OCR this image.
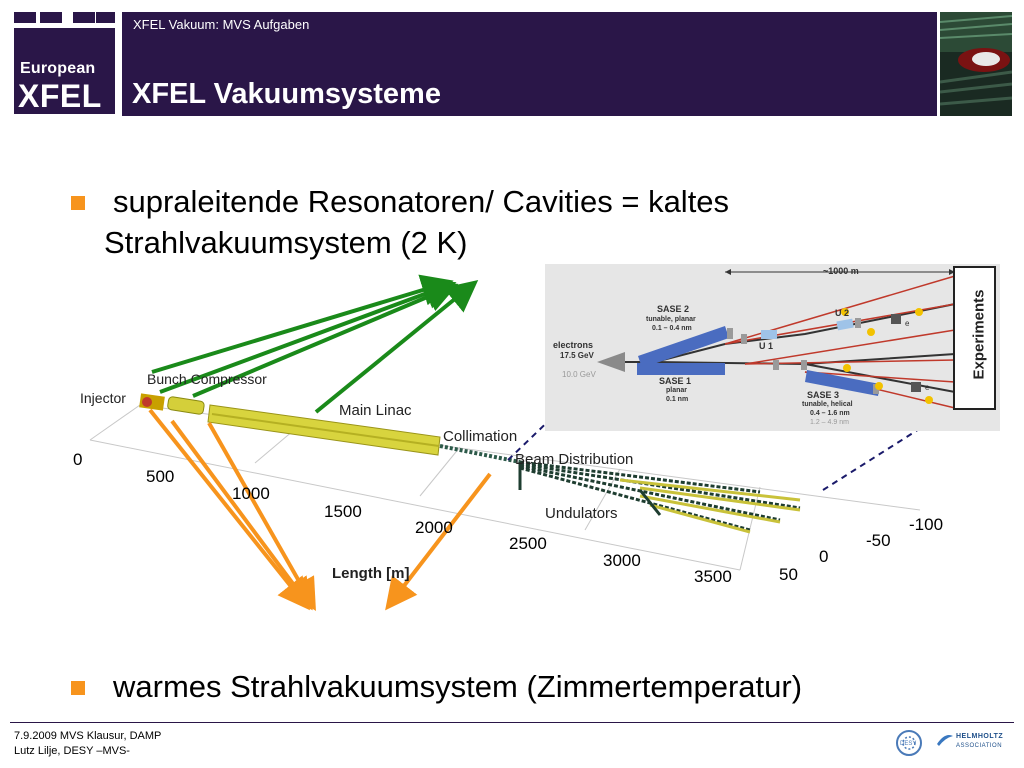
European
XFEL
XFEL Vakuum: MVS Aufgaben
XFEL Vakuumsysteme
supraleitende Resonatoren/ Cavities = kaltes
Strahlvakuumsystem (2 K)
Injector
Bunch Compressor
Main Linac
Collimation
Beam Distribution
Undulators
Length [m]
0
500
1000
1500
2000
2500
3000
3500
-100
-50
0
50
~1000 m
electrons
17.5 GeV
10.0 GeV
SASE 2
tunable, planar
0.1 – 0.4 nm
SASE 1
planar
0.1 nm	SASE 3
tunable, helical
0.4 – 1.6 nm
1.2 – 4.9 nm
U 1
U 2
e
e
Experiments
warmes Strahlvakuumsystem (Zimmertemperatur)
7.9.2009 MVS Klausur, DAMP
Lutz Lilje, DESY –MVS-
DESY
HELMHOLTZ
ASSOCIATION
